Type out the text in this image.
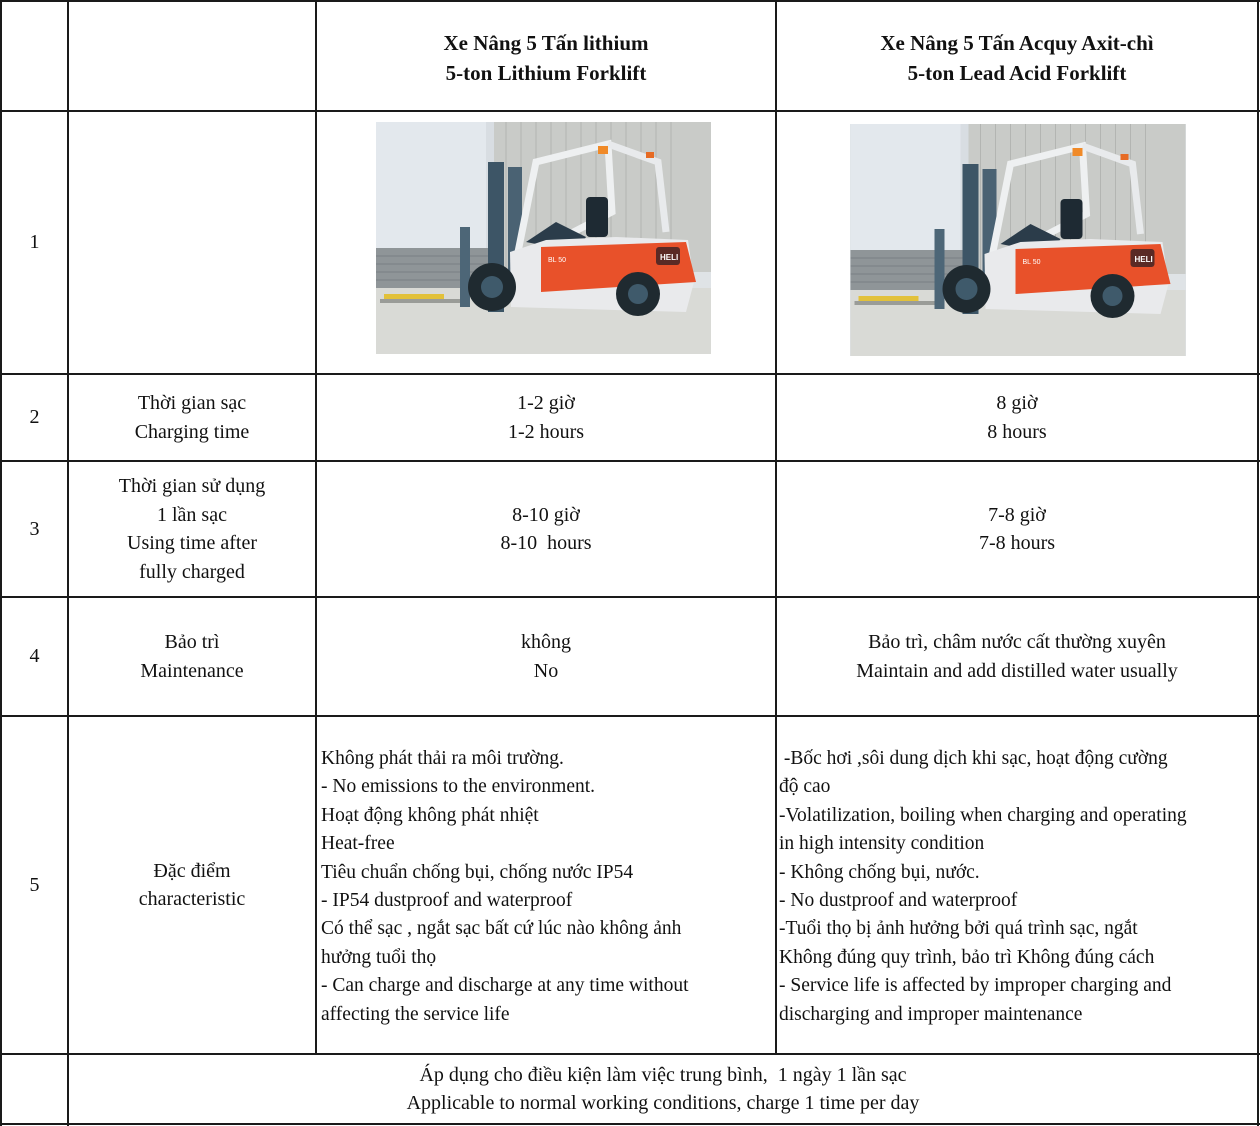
Xe Nâng 5 Tấn lithium
5-ton Lithium Forklift
Xe Nâng 5 Tấn Acquy Axit-chì
5-ton Lead Acid Forklift
1
HELI
BL 50	HELI
BL 50
2
Thời gian sạc
Charging time
1-2 giờ
1-2 hours
8 giờ
8 hours
3
Thời gian sử dụng
1 lần sạc
Using time after
fully charged
8-10 giờ
8-10  hours
7-8 giờ
7-8 hours
4
Bảo trì
Maintenance
không
No
Bảo trì, châm nước cất thường xuyên
Maintain and add distilled water usually
5
Đặc điểm
characteristic
Không phát thải ra môi trường.
- No emissions to the environment.
Hoạt động không phát nhiệt
Heat-free
Tiêu chuẩn chống bụi, chống nước IP54
- IP54 dustproof and waterproof
Có thể sạc , ngắt sạc bất cứ lúc nào không ảnh
hưởng tuổi thọ
- Can charge and discharge at any time without
affecting the service life
-Bốc hơi ,sôi dung dịch khi sạc, hoạt động cường
độ cao
-Volatilization, boiling when charging and operating
in high intensity condition
- Không chống bụi, nước.
- No dustproof and waterproof
-Tuổi thọ bị ảnh hưởng bởi quá trình sạc, ngắt
Không đúng quy trình, bảo trì Không đúng cách
- Service life is affected by improper charging and
discharging and improper maintenance
Áp dụng cho điều kiện làm việc trung bình,  1 ngày 1 lần sạc
Applicable to normal working conditions, charge 1 time per day
